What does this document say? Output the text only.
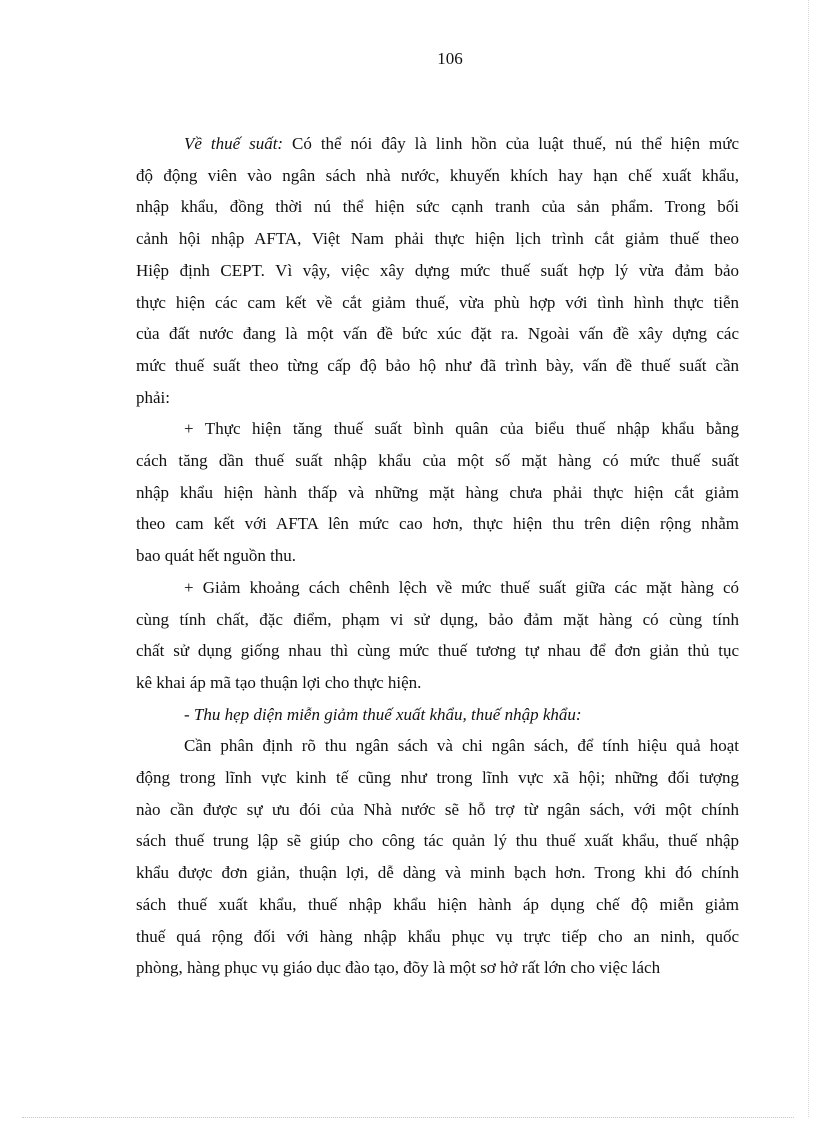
106
Về thuế suất: Có thể nói đây là linh hồn của luật thuế, nú thể hiện mức
độ động viên vào ngân sách nhà nước, khuyến khích hay hạn chế xuất khẩu,
nhập khẩu, đồng thời nú thể hiện sức cạnh tranh của sản phẩm. Trong bối
cảnh hội nhập AFTA, Việt Nam phải thực hiện lịch trình cắt giảm thuế theo
Hiệp định CEPT. Vì vậy, việc xây dựng mức thuế suất hợp lý vừa đảm bảo
thực hiện các cam kết về cắt giảm thuế, vừa phù hợp với tình hình thực tiễn
của đất nước đang là một vấn đề bức xúc đặt ra. Ngoài vấn đề xây dựng các
mức thuế suất theo từng cấp độ bảo hộ như đã trình bày, vấn đề thuế suất cần
phải:
+ Thực hiện tăng thuế suất bình quân của biểu thuế nhập khẩu bằng
cách tăng dần thuế suất nhập khẩu của một số mặt hàng có mức thuế suất
nhập khẩu hiện hành thấp và những mặt hàng chưa phải thực hiện cắt giảm
theo cam kết với AFTA lên mức cao hơn, thực hiện thu trên diện rộng nhằm
bao quát hết nguồn thu.
+ Giảm khoảng cách chênh lệch về mức thuế suất giữa các mặt hàng có
cùng tính chất, đặc điểm, phạm vi sử dụng, bảo đảm mặt hàng có cùng tính
chất sử dụng giống nhau thì cùng mức thuế tương tự nhau để đơn giản thủ tục
kê khai áp mã tạo thuận lợi cho thực hiện.
- Thu hẹp diện miễn giảm thuế xuất khẩu, thuế nhập khẩu:
Cần phân định rõ thu ngân sách và chi ngân sách, để tính hiệu quả hoạt
động trong lĩnh vực kinh tế cũng như trong lĩnh vực xã hội; những đối tượng
nào cần được sự ưu đói của Nhà nước sẽ hỗ trợ từ ngân sách, với một chính
sách thuế trung lập sẽ giúp cho công tác quản lý thu thuế xuất khẩu, thuế nhập
khẩu được đơn giản, thuận lợi, dễ dàng và minh bạch hơn. Trong khi đó chính
sách thuế xuất khẩu, thuế nhập khẩu hiện hành áp dụng chế độ miễn giảm
thuế quá rộng đối với hàng nhập khẩu phục vụ trực tiếp cho an ninh, quốc
phòng, hàng phục vụ giáo dục đào tạo, đõy là một sơ hở rất lớn cho việc lách
